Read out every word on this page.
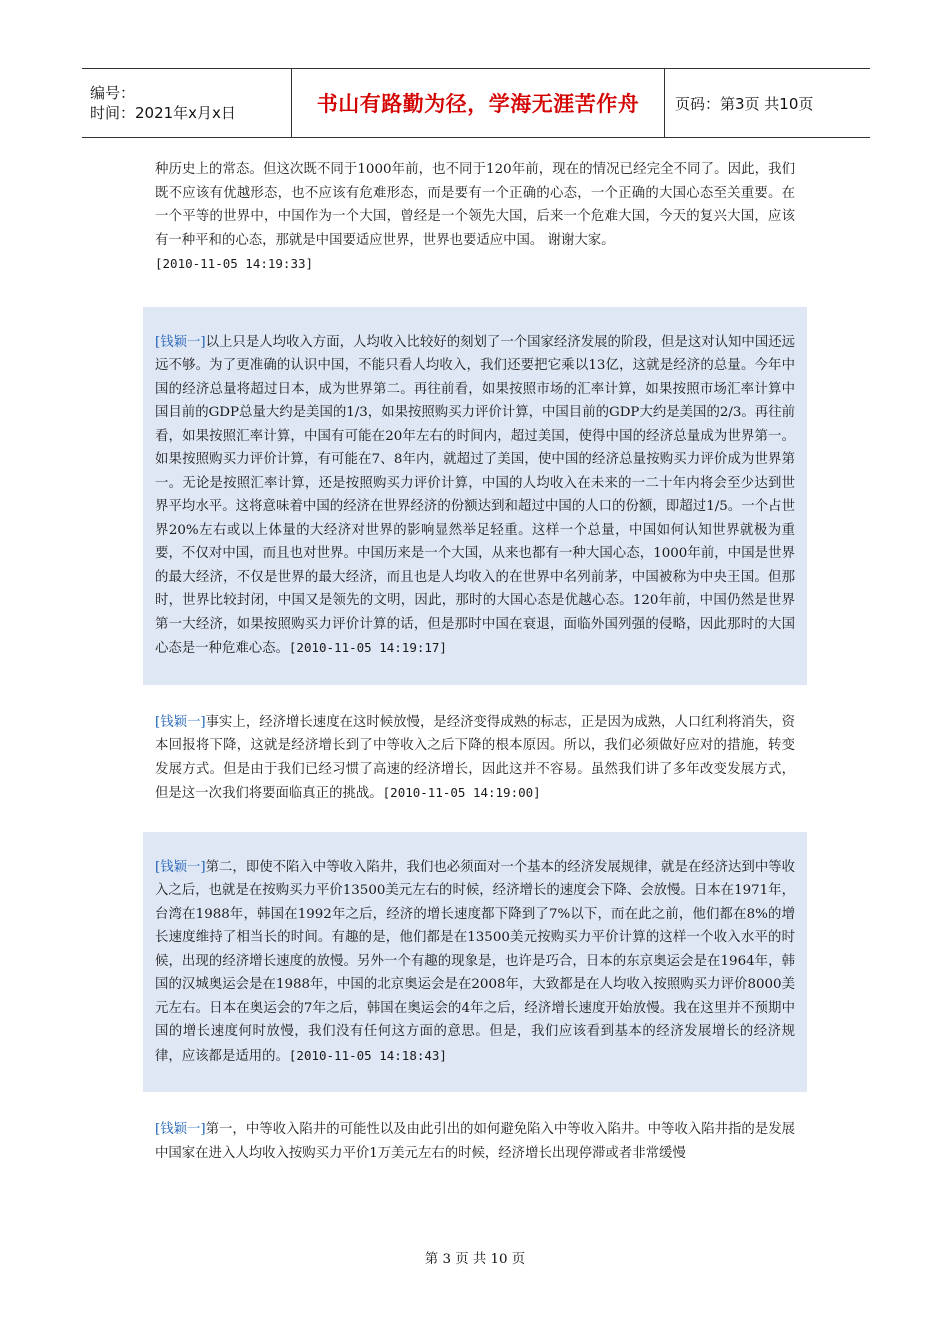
编号：
时间：2021年x月x日	书山有路勤为径，学海无涯苦作舟 页码：第3页 共10页

种历史上的常态。但这次既不同于1000年前，也不同于120年前，现在的情况已经完全不同了。因此，我们既不应该有优越形态，也不应该有危难形态，而是要有一个正确的心态，一个正确的大国心态至关重要。在一个平等的世界中，中国作为一个大国，曾经是一个领先大国，后来一个危难大国，今天的复兴大国，应该有一种平和的心态，那就是中国要适应世界，世界也要适应中国。 谢谢大家。
[2010-11-05 14:19:33]

[钱颖一]以上只是人均收入方面，人均收入比较好的刻划了一个国家经济发展的阶段，但是这对认知中国还远远不够。为了更准确的认识中国，不能只看人均收入，我们还要把它乘以13亿，这就是经济的总量。今年中国的经济总量将超过日本，成为世界第二。再往前看，如果按照市场的汇率计算，如果按照市场汇率计算中国目前的GDP总量大约是美国的1/3，如果按照购买力评价计算，中国目前的GDP大约是美国的2/3。再往前看，如果按照汇率计算，中国有可能在20年左右的时间内，超过美国，使得中国的经济总量成为世界第一。如果按照购买力评价计算，有可能在7、8年内，就超过了美国，使中国的经济总量按购买力评价成为世界第一。无论是按照汇率计算，还是按照购买力评价计算，中国的人均收入在未来的一二十年内将会至少达到世界平均水平。这将意味着中国的经济在世界经济的份额达到和超过中国的人口的份额，即超过1/5。一个占世界20%左右或以上体量的大经济对世界的影响显然举足轻重。这样一个总量，中国如何认知世界就极为重要，不仅对中国，而且也对世界。中国历来是一个大国，从来也都有一种大国心态，1000年前，中国是世界的最大经济，不仅是世界的最大经济，而且也是人均收入的在世界中名列前茅，中国被称为中央王国。但那时，世界比较封闭，中国又是领先的文明，因此，那时的大国心态是优越心态。120年前，中国仍然是世界第一大经济，如果按照购买力评价计算的话，但是那时中国在衰退，面临外国列强的侵略，因此那时的大国心态是一种危难心态。[2010-11-05 14:19:17]

[钱颖一]事实上，经济增长速度在这时候放慢，是经济变得成熟的标志，正是因为成熟，人口红利将消失，资本回报将下降，这就是经济增长到了中等收入之后下降的根本原因。所以，我们必须做好应对的措施，转变发展方式。但是由于我们已经习惯了高速的经济增长，因此这并不容易。虽然我们讲了多年改变发展方式，但是这一次我们将要面临真正的挑战。[2010-11-05 14:19:00]

[钱颖一]第二，即使不陷入中等收入陷井，我们也必须面对一个基本的经济发展规律，就是在经济达到中等收入之后，也就是在按购买力平价13500美元左右的时候，经济增长的速度会下降、会放慢。日本在1971年，台湾在1988年，韩国在1992年之后，经济的增长速度都下降到了7%以下，而在此之前，他们都在8%的增长速度维持了相当长的时间。有趣的是，他们都是在13500美元按购买力平价计算的这样一个收入水平的时候，出现的经济增长速度的放慢。另外一个有趣的现象是，也许是巧合，日本的东京奥运会是在1964年，韩国的汉城奥运会是在1988年，中国的北京奥运会是在2008年，大致都是在人均收入按照购买力评价8000美元左右。日本在奥运会的7年之后，韩国在奥运会的4年之后，经济增长速度开始放慢。我在这里并不预期中国的增长速度何时放慢，我们没有任何这方面的意思。但是，我们应该看到基本的经济发展增长的经济规律，应该都是适用的。[2010-11-05 14:18:43]

[钱颖一]第一，中等收入陷井的可能性以及由此引出的如何避免陷入中等收入陷井。中等收入陷井指的是发展中国家在进入人均收入按购买力平价1万美元左右的时候，经济增长出现停滞或者非常缓慢

第 3 页 共 10 页
